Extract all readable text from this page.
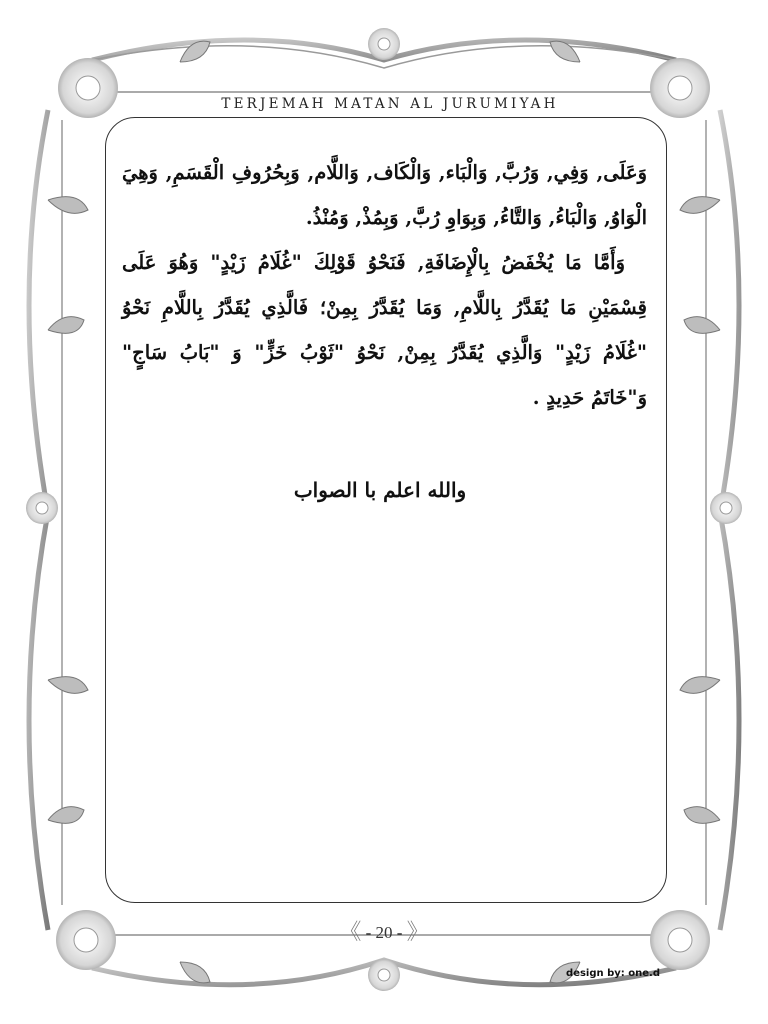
TERJEMAH MATAN AL JURUMIYAH

وَعَلَى, وَفِي, وَرُبَّ, وَالْبَاء, وَالْكَاف, وَاللَّام, وَبِحُرُوفِ الْقَسَمِ, وَهِيَ الْوَاوُ, وَالْبَاءُ, وَالتَّاءُ, وَبِوَاوِ رُبَّ, وَبِمُذْ, وَمُنْذُ.

وَأَمَّا مَا يُخْفَضُ بِالْإِضَافَةِ, فَنَحْوُ قَوْلِكَ "غُلَامُ زَيْدٍ" وَهُوَ عَلَى قِسْمَيْنِ مَا يُقَدَّرُ بِاللَّامِ, وَمَا يُقَدَّرُ بِمِنْ؛ فَالَّذِي يُقَدَّرُ بِاللَّامِ نَحْوُ "غُلَامُ زَيْدٍ" وَالَّذِي يُقَدَّرُ بِمِنْ, نَحْوُ "ثَوْبُ خَزٍّ" وَ "بَابُ سَاجٍ" وَ"خَاتَمُ حَدِيدٍ .

والله اعلم با الصواب
《 - 20 - 》
design by: one.d
